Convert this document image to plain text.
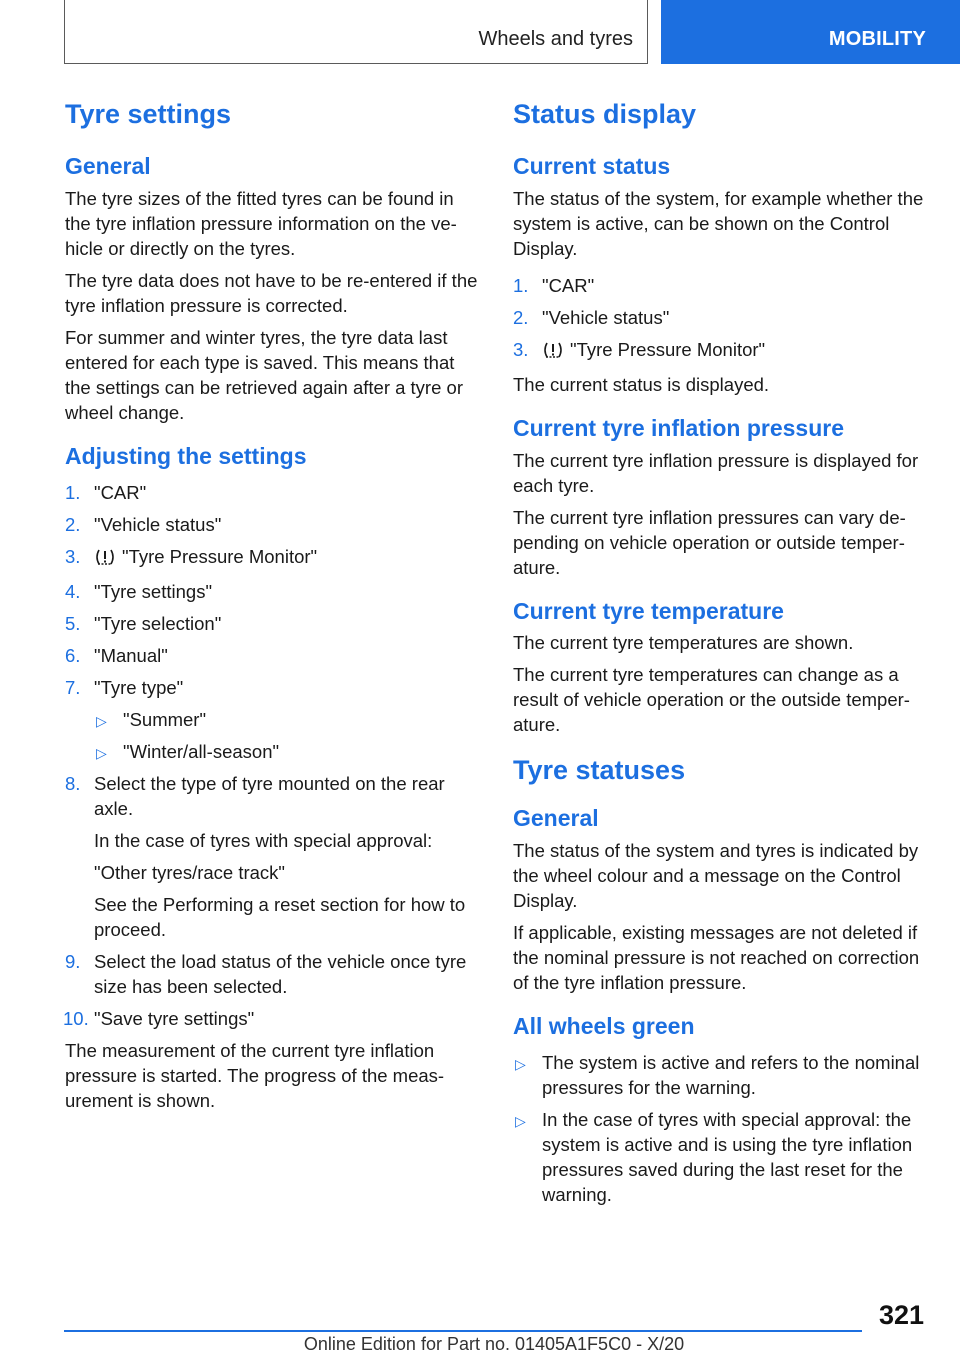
Wheels and tyres	MOBILITY
Tyre settings
General

The tyre sizes of the fitted tyres can be found in the tyre inflation pressure information on the vehicle or directly on the tyres.

The tyre data does not have to be re-entered if the tyre inflation pressure is corrected.

For summer and winter tyres, the tyre data last entered for each type is saved. This means that the settings can be retrieved again after a tyre or wheel change.

Adjusting the settings
1. "CAR"
2. "Vehicle status"
3. "Tyre Pressure Monitor"
4. "Tyre settings"
5. "Tyre selection"
6. "Manual"
7. "Tyre type"
▷ "Summer"
▷ "Winter/all-season"
8. Select the type of tyre mounted on the rear axle.
In the case of tyres with special approval:
"Other tyres/race track"
See the Performing a reset section for how to proceed.
9. Select the load status of the vehicle once tyre size has been selected.
10. "Save tyre settings"

The measurement of the current tyre inflation pressure is started. The progress of the measurement is shown.

Status display
Current status

The status of the system, for example whether the system is active, can be shown on the Control Display.

1. "CAR"
2. "Vehicle status"
3. "Tyre Pressure Monitor"

The current status is displayed.

Current tyre inflation pressure

The current tyre inflation pressure is displayed for each tyre.

The current tyre inflation pressures can vary depending on vehicle operation or outside temperature.

Current tyre temperature

The current tyre temperatures are shown.

The current tyre temperatures can change as a result of vehicle operation or the outside temperature.

Tyre statuses
General

The status of the system and tyres is indicated by the wheel colour and a message on the Control Display.

If applicable, existing messages are not deleted if the nominal pressure is not reached on correction of the tyre inflation pressure.

All wheels green
▷ The system is active and refers to the nominal pressures for the warning.
▷ In the case of tyres with special approval: the system is active and is using the tyre inflation pressures saved during the last reset for the warning.
321
Online Edition for Part no. 01405A1F5C0 - X/20
